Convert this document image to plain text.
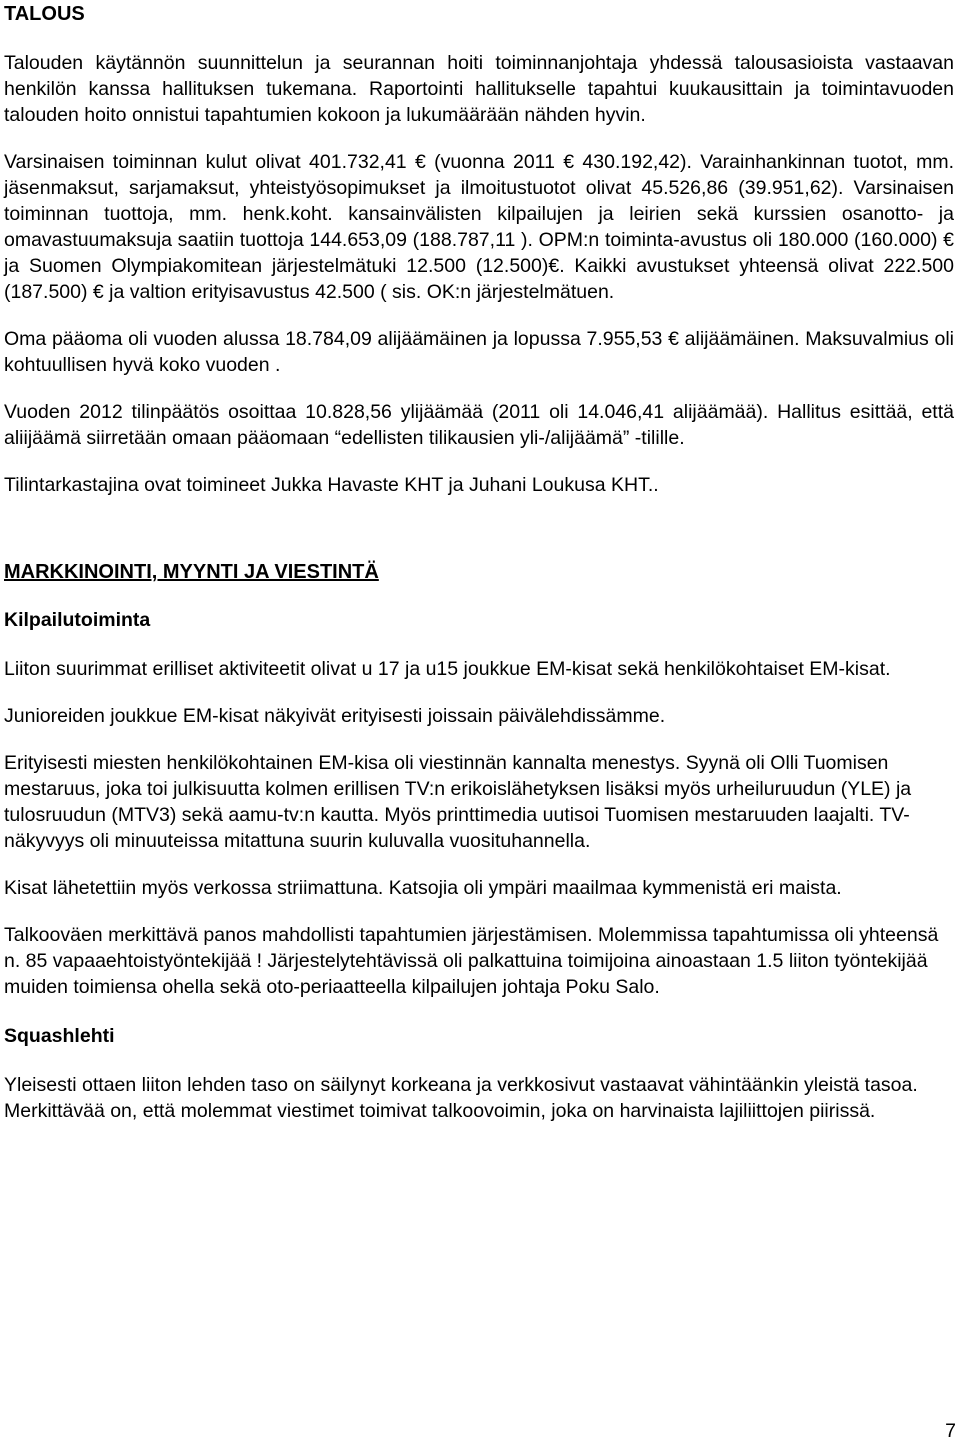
TALOUS

Talouden käytännön suunnittelun ja seurannan hoiti toiminnanjohtaja yhdessä talousasioista vastaavan henkilön kanssa hallituksen tukemana. Raportointi hallitukselle tapahtui kuukausittain ja toimintavuoden talouden hoito onnistui tapahtumien kokoon ja lukumäärään nähden hyvin.

Varsinaisen toiminnan kulut olivat 401.732,41 € (vuonna 2011 € 430.192,42). Varainhankinnan tuotot, mm. jäsenmaksut, sarjamaksut, yhteistyösopimukset ja ilmoitustuotot olivat 45.526,86 (39.951,62). Varsinaisen toiminnan tuottoja, mm. henk.koht. kansainvälisten kilpailujen ja leirien sekä kurssien osanotto- ja omavastuumaksuja saatiin tuottoja 144.653,09 (188.787,11 ). OPM:n toiminta-avustus oli 180.000 (160.000) € ja Suomen Olympiakomitean järjestelmätuki 12.500 (12.500)€. Kaikki avustukset yhteensä olivat 222.500 (187.500) € ja valtion erityisavustus 42.500 ( sis. OK:n järjestelmätuen.

Oma pääoma oli vuoden alussa 18.784,09 alijäämäinen ja lopussa 7.955,53 € alijäämäinen. Maksuvalmius oli kohtuullisen hyvä koko vuoden .

Vuoden 2012 tilinpäätös osoittaa 10.828,56 ylijäämää (2011 oli 14.046,41 alijäämää). Hallitus esittää, että aliijäämä siirretään omaan pääomaan “edellisten tilikausien yli-/alijäämä” -tilille.

Tilintarkastajina ovat toimineet Jukka Havaste KHT ja Juhani Loukusa KHT..

MARKKINOINTI, MYYNTI JA VIESTINTÄ
Kilpailutoiminta

Liiton suurimmat erilliset aktiviteetit olivat u 17 ja u15 joukkue EM-kisat sekä henkilökohtaiset EM-kisat.

Junioreiden joukkue EM-kisat näkyivät erityisesti joissain päivälehdissämme.

Erityisesti miesten henkilökohtainen EM-kisa oli viestinnän kannalta menestys. Syynä oli Olli Tuomisen mestaruus, joka toi julkisuutta kolmen erillisen TV:n erikoislähetyksen lisäksi myös urheiluruudun (YLE) ja tulosruudun (MTV3) sekä aamu-tv:n kautta. Myös printtimedia uutisoi Tuomisen mestaruuden laajalti. TV-näkyvyys oli minuuteissa mitattuna suurin kuluvalla vuosituhannella.

Kisat lähetettiin myös verkossa striimattuna. Katsojia oli ympäri maailmaa kymmenistä eri maista.

Talkooväen merkittävä panos mahdollisti tapahtumien järjestämisen. Molemmissa tapahtumissa oli yhteensä n. 85 vapaaehtoistyöntekijää ! Järjestelytehtävissä oli palkattuina toimijoina ainoastaan 1.5 liiton työntekijää muiden toimiensa ohella sekä oto-periaatteella kilpailujen johtaja Poku Salo.

Squashlehti

Yleisesti ottaen liiton lehden taso on säilynyt korkeana ja verkkosivut vastaavat vähintäänkin yleistä tasoa. Merkittävää on, että molemmat viestimet toimivat talkoovoimin, joka on harvinaista lajiliittojen piirissä.

7
